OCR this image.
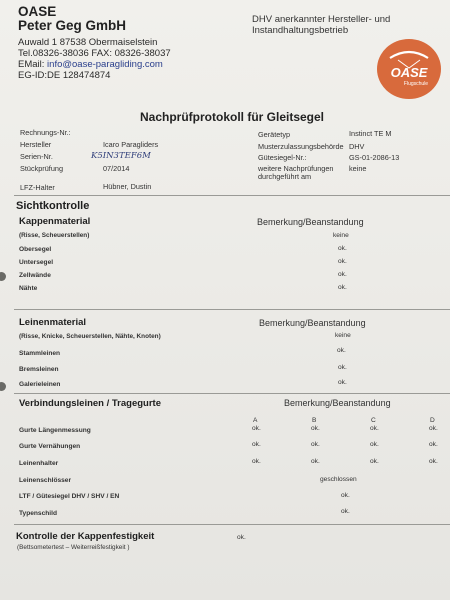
OASE
Peter Geg GmbH
Auwald 1 87538 Obermaiselstein
Tel.08326-38036 FAX: 08326-38037
EMail: info@oase-paragliding.com
EG-ID:DE 128474874
DHV anerkannter Hersteller- und
Instandhaltungsbetrieb
OASE
Flugschule
Nachprüfprotokoll für Gleitsegel
Rechnungs-Nr.:
Hersteller	Icaro Paragliders
Serien-Nr.	K5IN3TEF6M
Stückprüfung	07/2014
LFZ-Halter	Hübner, Dustin
Gerätetyp	Instinct TE M
Musterzulassungsbehörde DHV
Gütesiegel-Nr.:	GS-01-2086-13
weitere Nachprüfungen
durchgeführt am
keine
Sichtkontrolle
Kappenmaterial	Bemerkung/Beanstandung
(Risse, Scheuerstellen)	keine
Obersegel	ok.
Untersegel	ok.
Zellwände	ok.
Nähte	ok.
Leinenmaterial	Bemerkung/Beanstandung
(Risse, Knicke, Scheuerstellen, Nähte, Knoten)	keine
Stammleinen	ok.
Bremsleinen	ok.
Galerieleinen	ok.
Verbindungsleinen / Tragegurte	Bemerkung/Beanstandung
A	B	C	D
Gurte Längenmessung	ok.	ok.	ok.	ok.
Gurte Vernähungen	ok.	ok.	ok.	ok.
Leinenhalter	ok.	ok.	ok.	ok.
Leinenschlösser	geschlossen
LTF / Gütesiegel DHV / SHV / EN	ok.
Typenschild	ok.
Kontrolle der Kappenfestigkeit
(Bettsometertest – Weiterreißfestigkeit )
ok.
